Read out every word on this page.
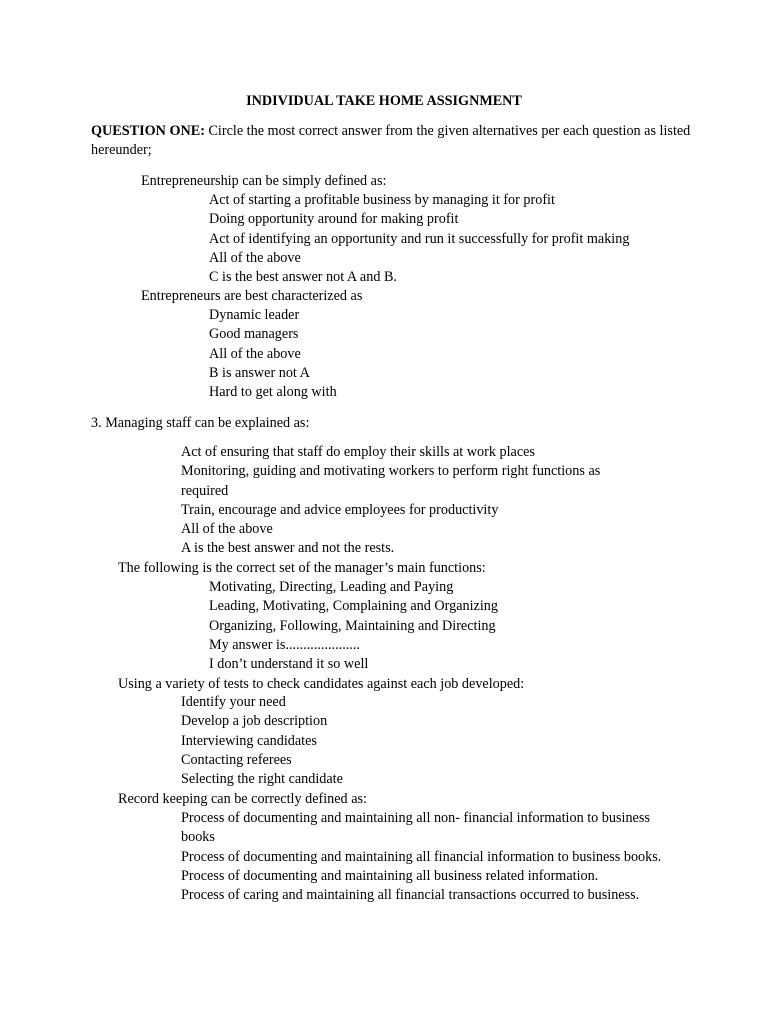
INDIVIDUAL TAKE HOME ASSIGNMENT
QUESTION ONE: Circle the most correct answer from the given alternatives per each question as listed hereunder;
Entrepreneurship can be simply defined as:
Act of starting a profitable business by managing it for profit
Doing opportunity around for making profit
Act of identifying an opportunity and run it successfully for profit making
All of the above
C is the best answer not A and B.
Entrepreneurs are best characterized as
Dynamic leader
Good managers
All of the above
B is answer not A
Hard to get along with
3. Managing staff can be explained as:
Act of ensuring that staff do employ their skills at work places
Monitoring, guiding and motivating workers to perform right functions as required
Train, encourage and advice employees for productivity
All of the above
A is the best answer and not the rests.
The following is the correct set of the manager’s main functions:
Motivating, Directing, Leading and Paying
Leading, Motivating, Complaining and Organizing
Organizing, Following, Maintaining and Directing
My answer is.....................
I don’t understand it so well
Using a variety of tests to check candidates against each job developed:
Identify your need
Develop a job description
Interviewing candidates
Contacting referees
Selecting the right candidate
Record keeping can be correctly defined as:
Process of documenting and maintaining all non- financial information to business books
Process of documenting and maintaining all financial information to business books.
Process of documenting and maintaining all business related information.
Process of caring and maintaining all financial transactions occurred to business.
